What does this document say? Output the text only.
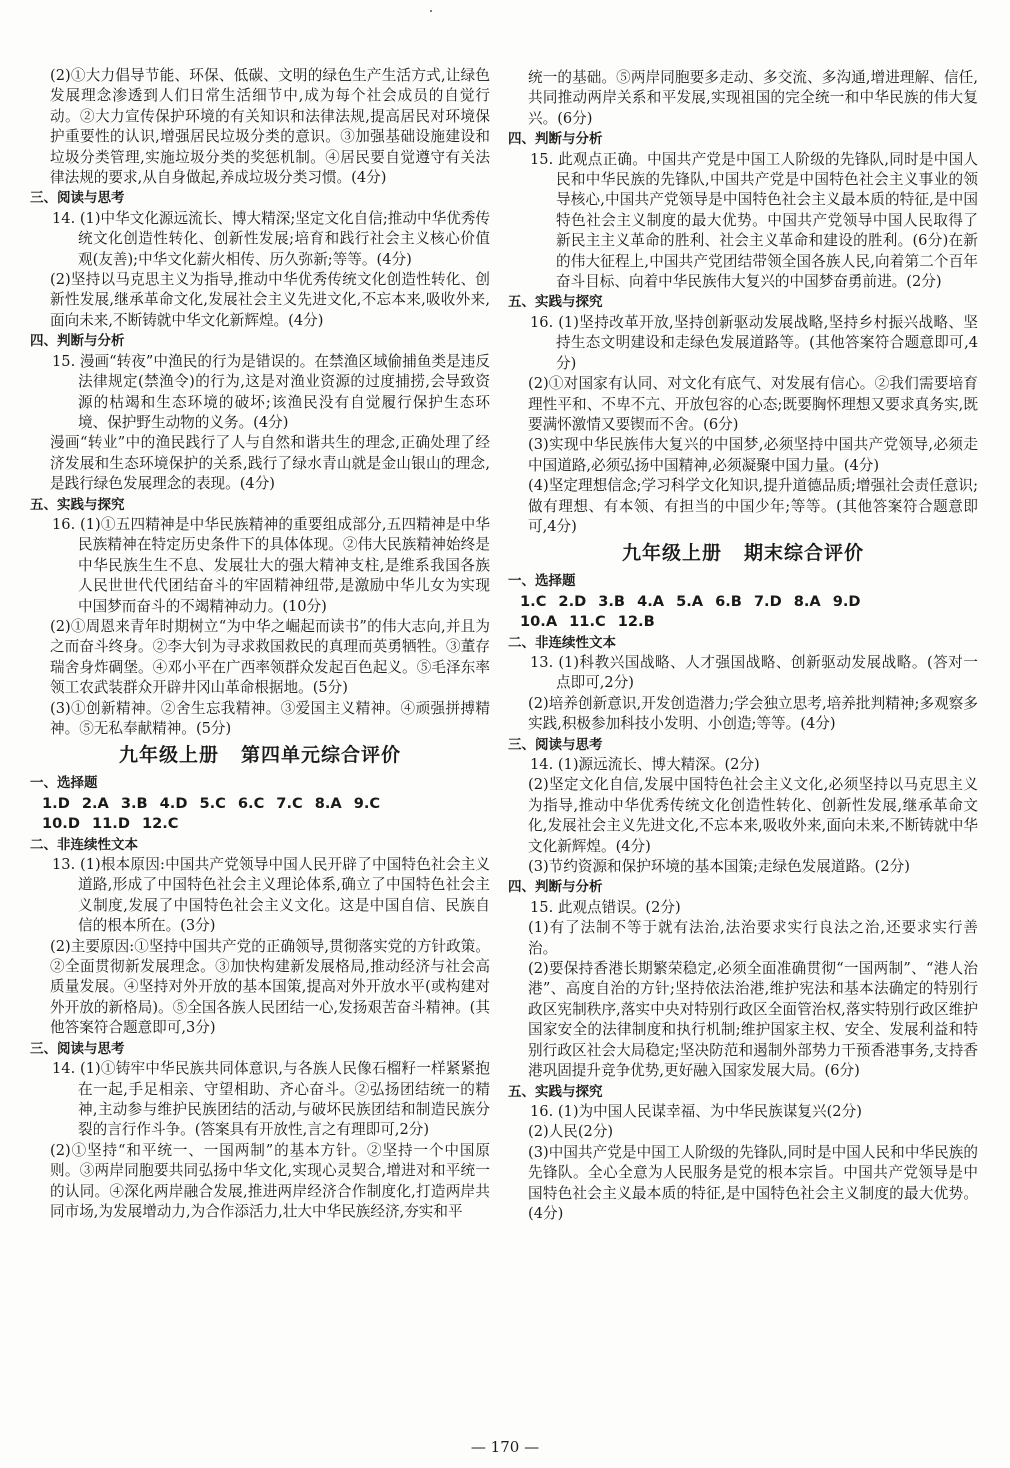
(2)①大力倡导节能、环保、低碳、文明的绿色生产生活方式,让绿色发展理念渗透到人们日常生活细节中,成为每个社会成员的自觉行动。②大力宣传保护环境的有关知识和法律法规,提高居民对环境保护重要性的认识,增强居民垃圾分类的意识。③加强基础设施建设和垃圾分类管理,实施垃圾分类的奖惩机制。④居民要自觉遵守有关法律法规的要求,从自身做起,养成垃圾分类习惯。(4分)

三、阅读与思考

14. (1)中华文化源远流长、博大精深;坚定文化自信;推动中华优秀传统文化创造性转化、创新性发展;培育和践行社会主义核心价值观(友善);中华文化薪火相传、历久弥新;等等。(4分)

(2)坚持以马克思主义为指导,推动中华优秀传统文化创造性转化、创新性发展,继承革命文化,发展社会主义先进文化,不忘本来,吸收外来,面向未来,不断铸就中华文化新辉煌。(4分)

四、判断与分析

15. 漫画“转夜”中渔民的行为是错误的。在禁渔区域偷捕鱼类是违反法律规定(禁渔令)的行为,这是对渔业资源的过度捕捞,会导致资源的枯竭和生态环境的破坏;该渔民没有自觉履行保护生态环境、保护野生动物的义务。(4分)

漫画“转业”中的渔民践行了人与自然和谐共生的理念,正确处理了经济发展和生态环境保护的关系,践行了绿水青山就是金山银山的理念,是践行绿色发展理念的表现。(4分)

五、实践与探究

16. (1)①五四精神是中华民族精神的重要组成部分,五四精神是中华民族精神在特定历史条件下的具体体现。②伟大民族精神始终是中华民族生生不息、发展壮大的强大精神支柱,是维系我国各族人民世世代代团结奋斗的牢固精神纽带,是激励中华儿女为实现中国梦而奋斗的不竭精神动力。(10分)

(2)①周恩来青年时期树立“为中华之崛起而读书”的伟大志向,并且为之而奋斗终身。②李大钊为寻求救国救民的真理而英勇牺牲。③董存瑞舍身炸碉堡。④邓小平在广西率领群众发起百色起义。⑤毛泽东率领工农武装群众开辟井冈山革命根据地。(5分)

(3)①创新精神。②舍生忘我精神。③爱国主义精神。④顽强拼搏精神。⑤无私奉献精神。(5分)

九年级上册 第四单元综合评价

一、选择题

1.D 2.A 3.B 4.D 5.C 6.C 7.C 8.A 9.C

10.D 11.D 12.C

二、非连续性文本

13. (1)根本原因:中国共产党领导中国人民开辟了中国特色社会主义道路,形成了中国特色社会主义理论体系,确立了中国特色社会主义制度,发展了中国特色社会主义文化。这是中国自信、民族自信的根本所在。(3分)

(2)主要原因:①坚持中国共产党的正确领导,贯彻落实党的方针政策。②全面贯彻新发展理念。③加快构建新发展格局,推动经济与社会高质量发展。④坚持对外开放的基本国策,提高对外开放水平(或构建对外开放的新格局)。⑤全国各族人民团结一心,发扬艰苦奋斗精神。(其他答案符合题意即可,3分)

三、阅读与思考

14. (1)①铸牢中华民族共同体意识,与各族人民像石榴籽一样紧紧抱在一起,手足相亲、守望相助、齐心奋斗。②弘扬团结统一的精神,主动参与维护民族团结的活动,与破坏民族团结和制造民族分裂的言行作斗争。(答案具有开放性,言之有理即可,2分)

(2)①坚持“和平统一、一国两制”的基本方针。②坚持一个中国原则。③两岸同胞要共同弘扬中华文化,实现心灵契合,增进对和平统一的认同。④深化两岸融合发展,推进两岸经济合作制度化,打造两岸共同市场,为发展增动力,为合作添活力,壮大中华民族经济,夯实和平

统一的基础。⑤两岸同胞要多走动、多交流、多沟通,增进理解、信任,共同推动两岸关系和平发展,实现祖国的完全统一和中华民族的伟大复兴。(6分)

四、判断与分析

15. 此观点正确。中国共产党是中国工人阶级的先锋队,同时是中国人民和中华民族的先锋队,中国共产党是中国特色社会主义事业的领导核心,中国共产党领导是中国特色社会主义最本质的特征,是中国特色社会主义制度的最大优势。中国共产党领导中国人民取得了新民主主义革命的胜利、社会主义革命和建设的胜利。(6分)在新的伟大征程上,中国共产党团结带领全国各族人民,向着第二个百年奋斗目标、向着中华民族伟大复兴的中国梦奋勇前进。(2分)

五、实践与探究

16. (1)坚持改革开放,坚持创新驱动发展战略,坚持乡村振兴战略、坚持生态文明建设和走绿色发展道路等。(其他答案符合题意即可,4分)

(2)①对国家有认同、对文化有底气、对发展有信心。②我们需要培育理性平和、不卑不亢、开放包容的心态;既要胸怀理想又要求真务实,既要满怀激情又要锲而不舍。(6分)

(3)实现中华民族伟大复兴的中国梦,必须坚持中国共产党领导,必须走中国道路,必须弘扬中国精神,必须凝聚中国力量。(4分)

(4)坚定理想信念;学习科学文化知识,提升道德品质;增强社会责任意识;做有理想、有本领、有担当的中国少年;等等。(其他答案符合题意即可,4分)

九年级上册 期末综合评价

一、选择题

1.C 2.D 3.B 4.A 5.A 6.B 7.D 8.A 9.D

10.A 11.C 12.B

二、非连续性文本

13. (1)科教兴国战略、人才强国战略、创新驱动发展战略。(答对一点即可,2分)

(2)培养创新意识,开发创造潜力;学会独立思考,培养批判精神;多观察多实践,积极参加科技小发明、小创造;等等。(4分)

三、阅读与思考

14. (1)源远流长、博大精深。(2分)

(2)坚定文化自信,发展中国特色社会主义文化,必须坚持以马克思主义为指导,推动中华优秀传统文化创造性转化、创新性发展,继承革命文化,发展社会主义先进文化,不忘本来,吸收外来,面向未来,不断铸就中华文化新辉煌。(4分)

(3)节约资源和保护环境的基本国策;走绿色发展道路。(2分)

四、判断与分析

15. 此观点错误。(2分)

(1)有了法制不等于就有法治,法治要求实行良法之治,还要求实行善治。

(2)要保持香港长期繁荣稳定,必须全面准确贯彻“一国两制”、“港人治港”、高度自治的方针;坚持依法治港,维护宪法和基本法确定的特别行政区宪制秩序,落实中央对特别行政区全面管治权,落实特别行政区维护国家安全的法律制度和执行机制;维护国家主权、安全、发展利益和特别行政区社会大局稳定;坚决防范和遏制外部势力干预香港事务,支持香港巩固提升竞争优势,更好融入国家发展大局。(6分)

五、实践与探究

16. (1)为中国人民谋幸福、为中华民族谋复兴(2分)

(2)人民(2分)

(3)中国共产党是中国工人阶级的先锋队,同时是中国人民和中华民族的先锋队。全心全意为人民服务是党的根本宗旨。中国共产党领导是中国特色社会主义最本质的特征,是中国特色社会主义制度的最大优势。(4分)

— 170 —
